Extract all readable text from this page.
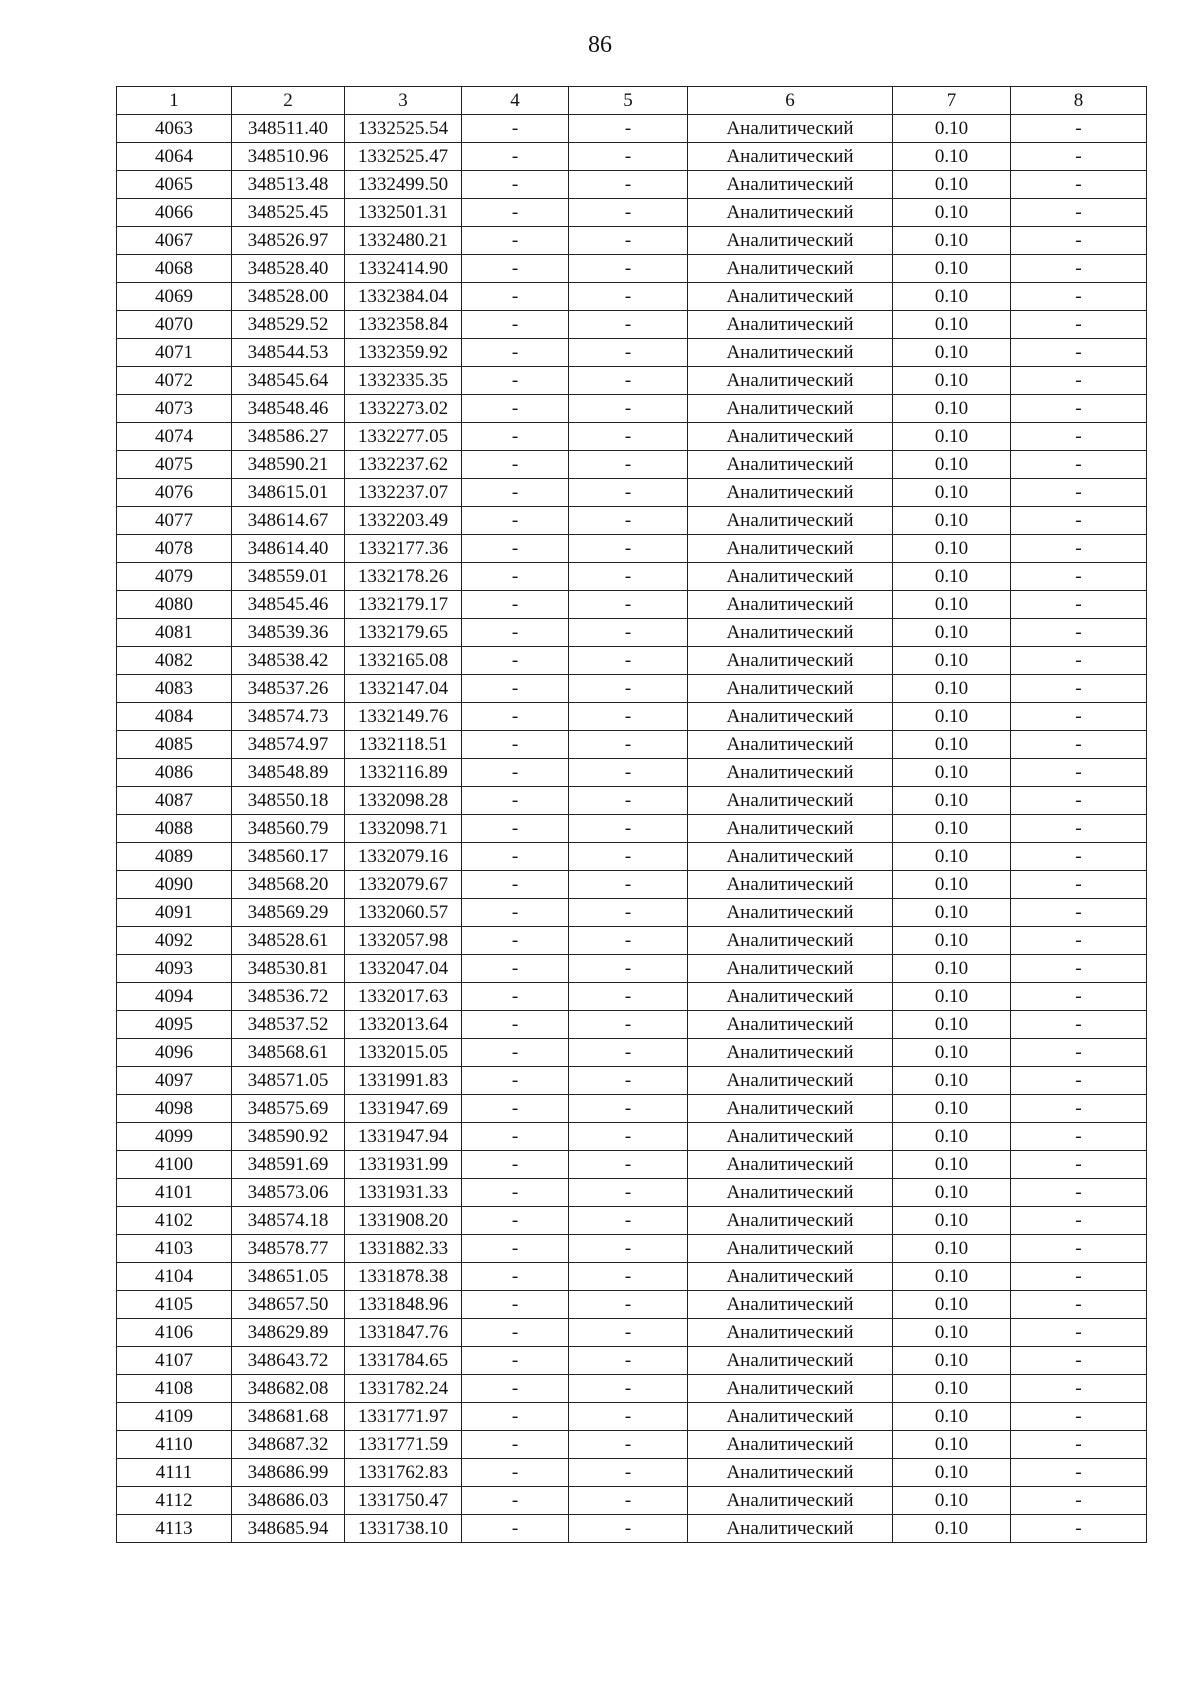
86
1	2	3	4	5	6	7	8
4063	348511.40	1332525.54	-	-	Аналитический	0.10	-
4064	348510.96	1332525.47	-	-	Аналитический	0.10	-
4065	348513.48	1332499.50	-	-	Аналитический	0.10	-
4066	348525.45	1332501.31	-	-	Аналитический	0.10	-
4067	348526.97	1332480.21	-	-	Аналитический	0.10	-
4068	348528.40	1332414.90	-	-	Аналитический	0.10	-
4069	348528.00	1332384.04	-	-	Аналитический	0.10	-
4070	348529.52	1332358.84	-	-	Аналитический	0.10	-
4071	348544.53	1332359.92	-	-	Аналитический	0.10	-
4072	348545.64	1332335.35	-	-	Аналитический	0.10	-
4073	348548.46	1332273.02	-	-	Аналитический	0.10	-
4074	348586.27	1332277.05	-	-	Аналитический	0.10	-
4075	348590.21	1332237.62	-	-	Аналитический	0.10	-
4076	348615.01	1332237.07	-	-	Аналитический	0.10	-
4077	348614.67	1332203.49	-	-	Аналитический	0.10	-
4078	348614.40	1332177.36	-	-	Аналитический	0.10	-
4079	348559.01	1332178.26	-	-	Аналитический	0.10	-
4080	348545.46	1332179.17	-	-	Аналитический	0.10	-
4081	348539.36	1332179.65	-	-	Аналитический	0.10	-
4082	348538.42	1332165.08	-	-	Аналитический	0.10	-
4083	348537.26	1332147.04	-	-	Аналитический	0.10	-
4084	348574.73	1332149.76	-	-	Аналитический	0.10	-
4085	348574.97	1332118.51	-	-	Аналитический	0.10	-
4086	348548.89	1332116.89	-	-	Аналитический	0.10	-
4087	348550.18	1332098.28	-	-	Аналитический	0.10	-
4088	348560.79	1332098.71	-	-	Аналитический	0.10	-
4089	348560.17	1332079.16	-	-	Аналитический	0.10	-
4090	348568.20	1332079.67	-	-	Аналитический	0.10	-
4091	348569.29	1332060.57	-	-	Аналитический	0.10	-
4092	348528.61	1332057.98	-	-	Аналитический	0.10	-
4093	348530.81	1332047.04	-	-	Аналитический	0.10	-
4094	348536.72	1332017.63	-	-	Аналитический	0.10	-
4095	348537.52	1332013.64	-	-	Аналитический	0.10	-
4096	348568.61	1332015.05	-	-	Аналитический	0.10	-
4097	348571.05	1331991.83	-	-	Аналитический	0.10	-
4098	348575.69	1331947.69	-	-	Аналитический	0.10	-
4099	348590.92	1331947.94	-	-	Аналитический	0.10	-
4100	348591.69	1331931.99	-	-	Аналитический	0.10	-
4101	348573.06	1331931.33	-	-	Аналитический	0.10	-
4102	348574.18	1331908.20	-	-	Аналитический	0.10	-
4103	348578.77	1331882.33	-	-	Аналитический	0.10	-
4104	348651.05	1331878.38	-	-	Аналитический	0.10	-
4105	348657.50	1331848.96	-	-	Аналитический	0.10	-
4106	348629.89	1331847.76	-	-	Аналитический	0.10	-
4107	348643.72	1331784.65	-	-	Аналитический	0.10	-
4108	348682.08	1331782.24	-	-	Аналитический	0.10	-
4109	348681.68	1331771.97	-	-	Аналитический	0.10	-
4110	348687.32	1331771.59	-	-	Аналитический	0.10	-
4111	348686.99	1331762.83	-	-	Аналитический	0.10	-
4112	348686.03	1331750.47	-	-	Аналитический	0.10	-
4113	348685.94	1331738.10	-	-	Аналитический	0.10	-
